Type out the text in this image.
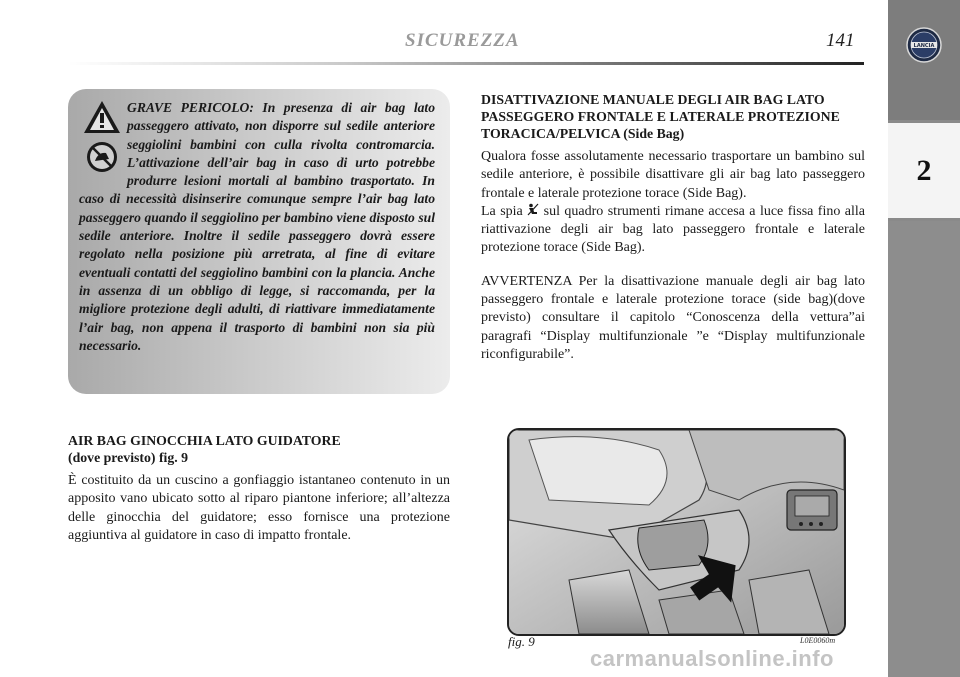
SICUREZZA	141	LANCIA
2
GRAVE PERICOLO: In presenza di air bag lato passeggero attivato, non disporre sul sedile anteriore seggiolini bambini con culla rivolta contromarcia. L’attivazione dell’air bag in caso di urto potrebbe produrre lesioni mortali al bambino trasportato. In caso di necessità disinserire comunque sempre l’air bag lato passeggero quando il seggiolino per bambino viene disposto sul sedile anteriore. Inoltre il sedile passeggero dovrà essere regolato nella posizione più arretrata, al fine di evitare eventuali contatti del seggiolino bambini con la plancia. Anche in assenza di un obbligo di legge, si raccomanda, per la migliore protezione degli adulti, di riattivare immediatamente l’air bag, non appena il trasporto di bambini non sia più necessario.

DISATTIVAZIONE MANUALE DEGLI AIR BAG LATO PASSEGGERO FRONTALE E LATERALE PROTEZIONE TORACICA/PELVICA (Side Bag)

Qualora fosse assolutamente necessario trasportare un bambino sul sedile anteriore, è possibile disattivare gli air bag lato passeggero frontale e laterale protezione torace (Side Bag).

La spia  sul quadro strumenti rimane accesa a luce fissa fino alla riattivazione degli air bag lato passeggero frontale e laterale protezione torace (Side Bag).

AVVERTENZA Per la disattivazione manuale degli air bag lato passeggero frontale e laterale protezione torace (side bag)(dove previsto) consultare il capitolo “Conoscenza della vettura”ai paragrafi “Display multifunzionale ”e “Display multifunzionale riconfigurabile”.

AIR BAG GINOCCHIA LATO GUIDATORE
(dove previsto) fig. 9

È costituito da un cuscino a gonfiaggio istantaneo contenuto in un apposito vano ubicato sotto al riparo piantone inferiore; all’altezza delle ginocchia del guidatore; esso fornisce una protezione aggiuntiva al guidatore in caso di impatto frontale.

fig. 9	L0E0060m
carmanualsonline.info
